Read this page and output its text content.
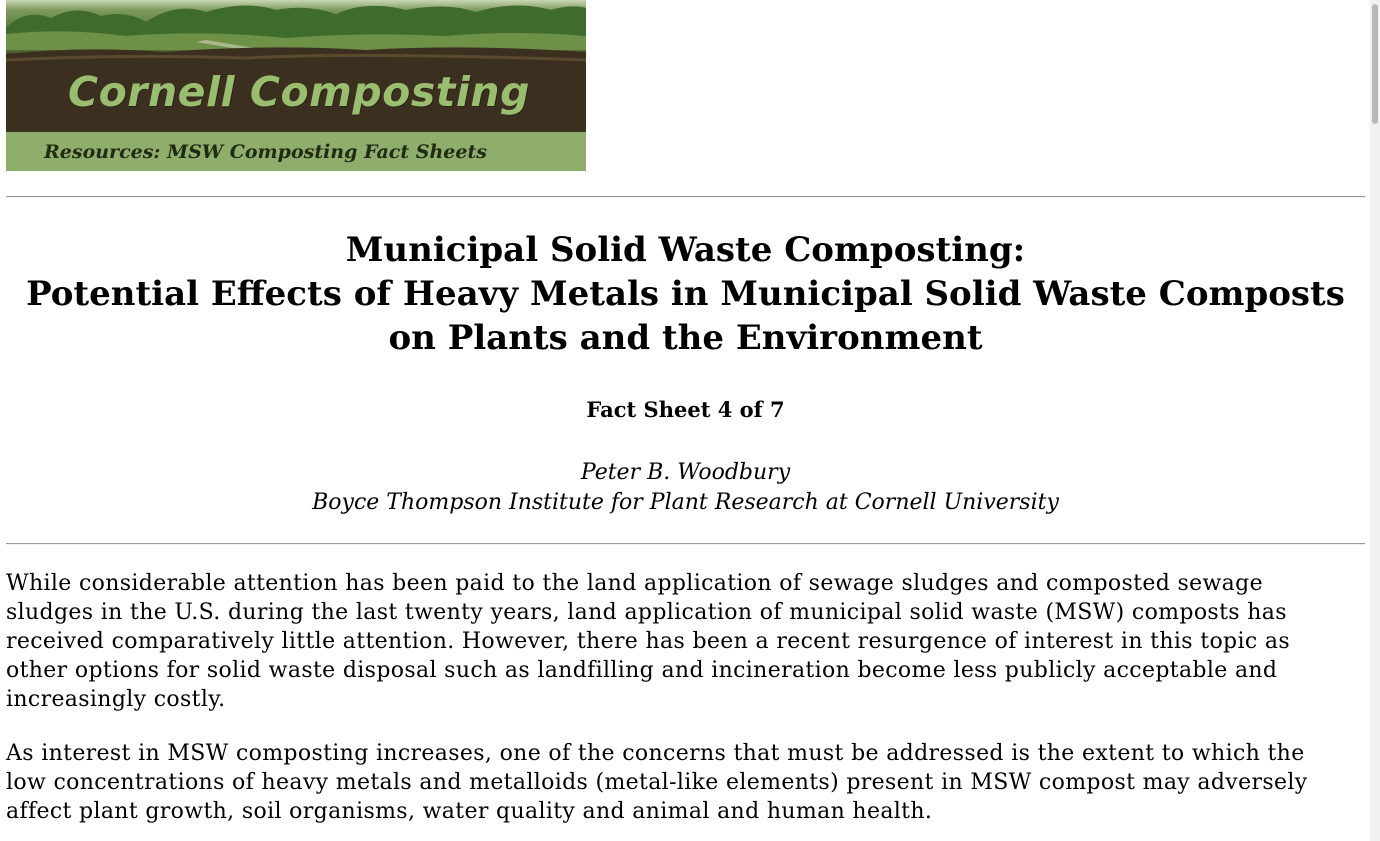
Cornell Composting
Resources: MSW Composting Fact Sheets
Municipal Solid Waste Composting:
Potential Effects of Heavy Metals in Municipal Solid Waste Composts
on Plants and the Environment
Fact Sheet 4 of 7
Peter B. Woodbury
Boyce Thompson Institute for Plant Research at Cornell University

While considerable attention has been paid to the land application of sewage sludges and composted sewage sludges in the U.S. during the last twenty years, land application of municipal solid waste (MSW) composts has received comparatively little attention. However, there has been a recent resurgence of interest in this topic as other options for solid waste disposal such as landfilling and incineration become less publicly acceptable and increasingly costly.

As interest in MSW composting increases, one of the concerns that must be addressed is the extent to which the low concentrations of heavy metals and metalloids (metal-like elements) present in MSW compost may adversely affect plant growth, soil organisms, water quality and animal and human health.
